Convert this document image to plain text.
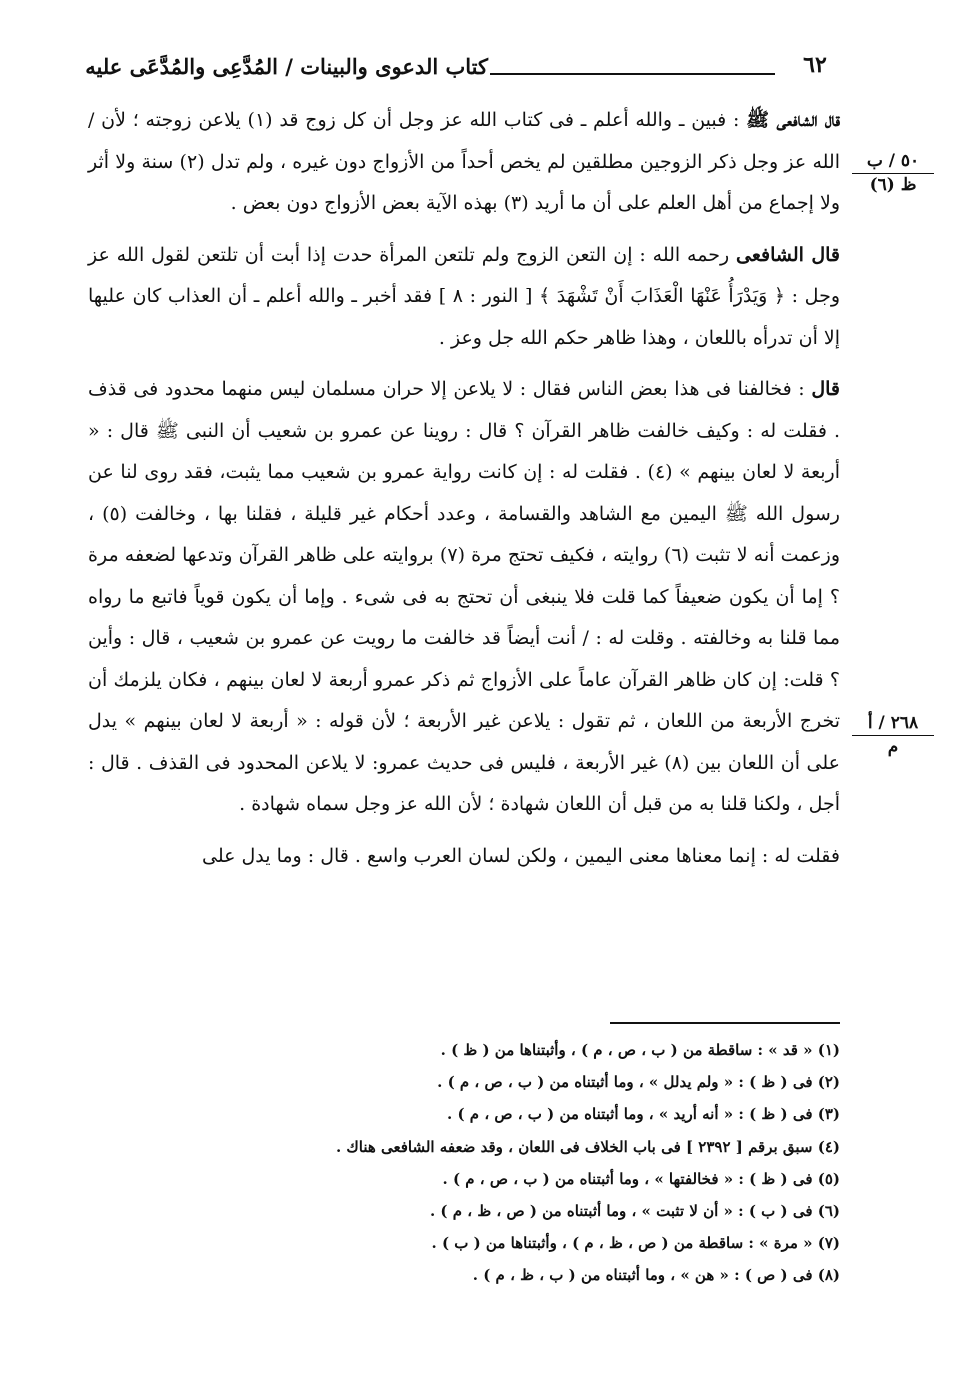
كتاب الدعوى والبينات / المُدَّعِى والمُدَّعَى عليه	٦٢
٥٠ / ب
ظ (٦)
٢٦٨ / أ
م

قال الشافعى ﷺ : فبين ـ والله أعلم ـ فى كتاب الله عز وجل أن كل زوج قد (١) يلاعن زوجته ؛ لأن / الله عز وجل ذكر الزوجين مطلقين لم يخص أحداً من الأزواج دون غيره ، ولم تدل (٢) سنة ولا أثر ولا إجماع من أهل العلم على أن ما أريد (٣) بهذه الآية بعض الأزواج دون بعض .

قال الشافعى رحمه الله : إن التعن الزوج ولم تلتعن المرأة حدت إذا أبت أن تلتعن لقول الله عز وجل : ﴿ وَيَدْرَأُ عَنْهَا الْعَذَابَ أَنْ تَشْهَدَ ﴾ [ النور : ٨ ] فقد أخبر ـ والله أعلم ـ أن العذاب كان عليها إلا أن تدرأه باللعان ، وهذا ظاهر حكم الله جل وعز .

قال : فخالفنا فى هذا بعض الناس فقال : لا يلاعن إلا حران مسلمان ليس منهما محدود فى قذف . فقلت له : وكيف خالفت ظاهر القرآن ؟ قال : روينا عن عمرو بن شعيب أن النبى ﷺ قال : « أربعة لا لعان بينهم » (٤) . فقلت له : إن كانت رواية عمرو بن شعيب مما يثبت، فقد روى لنا عن رسول الله ﷺ اليمين مع الشاهد والقسامة ، وعدد أحكام غير قليلة ، فقلنا بها ، وخالفت (٥) ، وزعمت أنه لا تثبت (٦) روايته ، فكيف تحتج مرة (٧) بروايته على ظاهر القرآن وتدعها لضعفه مرة ؟ إما أن يكون ضعيفاً كما قلت فلا ينبغى أن تحتج به فى شىء . وإما أن يكون قوياً فاتبع ما رواه مما قلنا به وخالفته . وقلت له : / أنت أيضاً قد خالفت ما رويت عن عمرو بن شعيب ، قال : وأين ؟ قلت: إن كان ظاهر القرآن عاماً على الأزواج ثم ذكر عمرو أربعة لا لعان بينهم ، فكان يلزمك أن تخرج الأربعة من اللعان ، ثم تقول : يلاعن غير الأربعة ؛ لأن قوله : « أربعة لا لعان بينهم » يدل على أن اللعان بين (٨) غير الأربعة ، فليس فى حديث عمرو: لا يلاعن المحدود فى القذف . قال : أجل ، ولكنا قلنا به من قبل أن اللعان شهادة ؛ لأن الله عز وجل سماه شهادة .

فقلت له : إنما معناها معنى اليمين ، ولكن لسان العرب واسع . قال : وما يدل على

(١) « قد » : ساقطة من ( ب ، ص ، م ) ، وأثبتناها من ( ظ ) .
(٢) فى ( ظ ) : « ولم يدلل » ، وما أثبتناه من ( ب ، ص ، م ) .
(٣) فى ( ظ ) : « أنه أريد » ، وما أثبتناه من ( ب ، ص ، م ) .
(٤) سبق برقم [ ٢٣٩٢ ] فى باب الخلاف فى اللعان ، وقد ضعفه الشافعى هناك .
(٥) فى ( ظ ) : « فخالفتها » ، وما أثبتناه من ( ب ، ص ، م ) .
(٦) فى ( ب ) : « أن لا تثبت » ، وما أثبتناه من ( ص ، ظ ، م ) .
(٧) « مرة » : ساقطة من ( ص ، ظ ، م ) ، وأثبتناها من ( ب ) .
(٨) فى ( ص ) : « هن » ، وما أثبتناه من ( ب ، ظ ، م ) .
